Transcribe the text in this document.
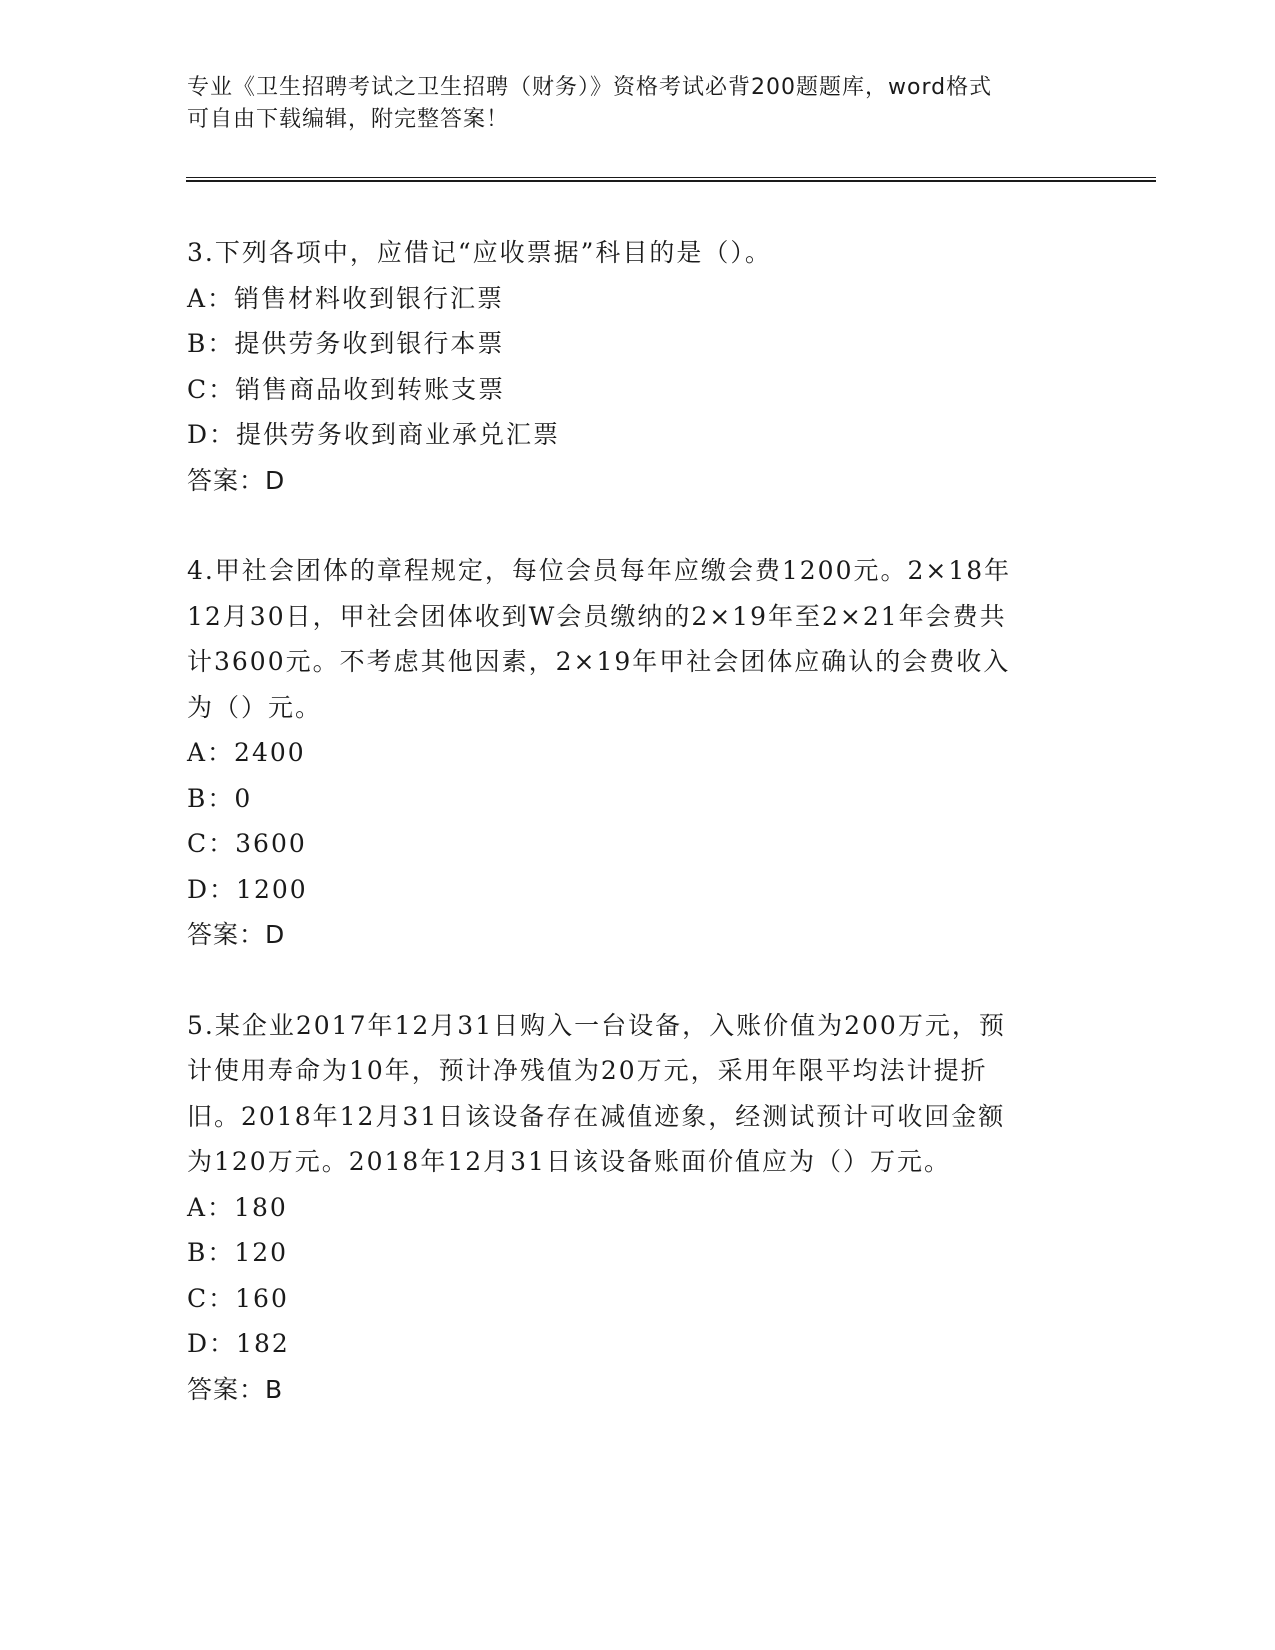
专业《卫生招聘考试之卫生招聘（财务）》资格考试必背200题题库，word格式
可自由下载编辑，附完整答案！
3.下列各项中，应借记“应收票据”科目的是（）。
A：销售材料收到银行汇票
B：提供劳务收到银行本票
C：销售商品收到转账支票
D：提供劳务收到商业承兑汇票
答案：D
4.甲社会团体的章程规定，每位会员每年应缴会费1200元。2×18年
12月30日，甲社会团体收到W会员缴纳的2×19年至2×21年会费共
计3600元。不考虑其他因素，2×19年甲社会团体应确认的会费收入
为（）元。
A：2400
B：0
C：3600
D：1200
答案：D
5.某企业2017年12月31日购入一台设备，入账价值为200万元，预
计使用寿命为10年，预计净残值为20万元，采用年限平均法计提折
旧。2018年12月31日该设备存在减值迹象，经测试预计可收回金额
为120万元。2018年12月31日该设备账面价值应为（）万元。
A：180
B：120
C：160
D：182
答案：B
